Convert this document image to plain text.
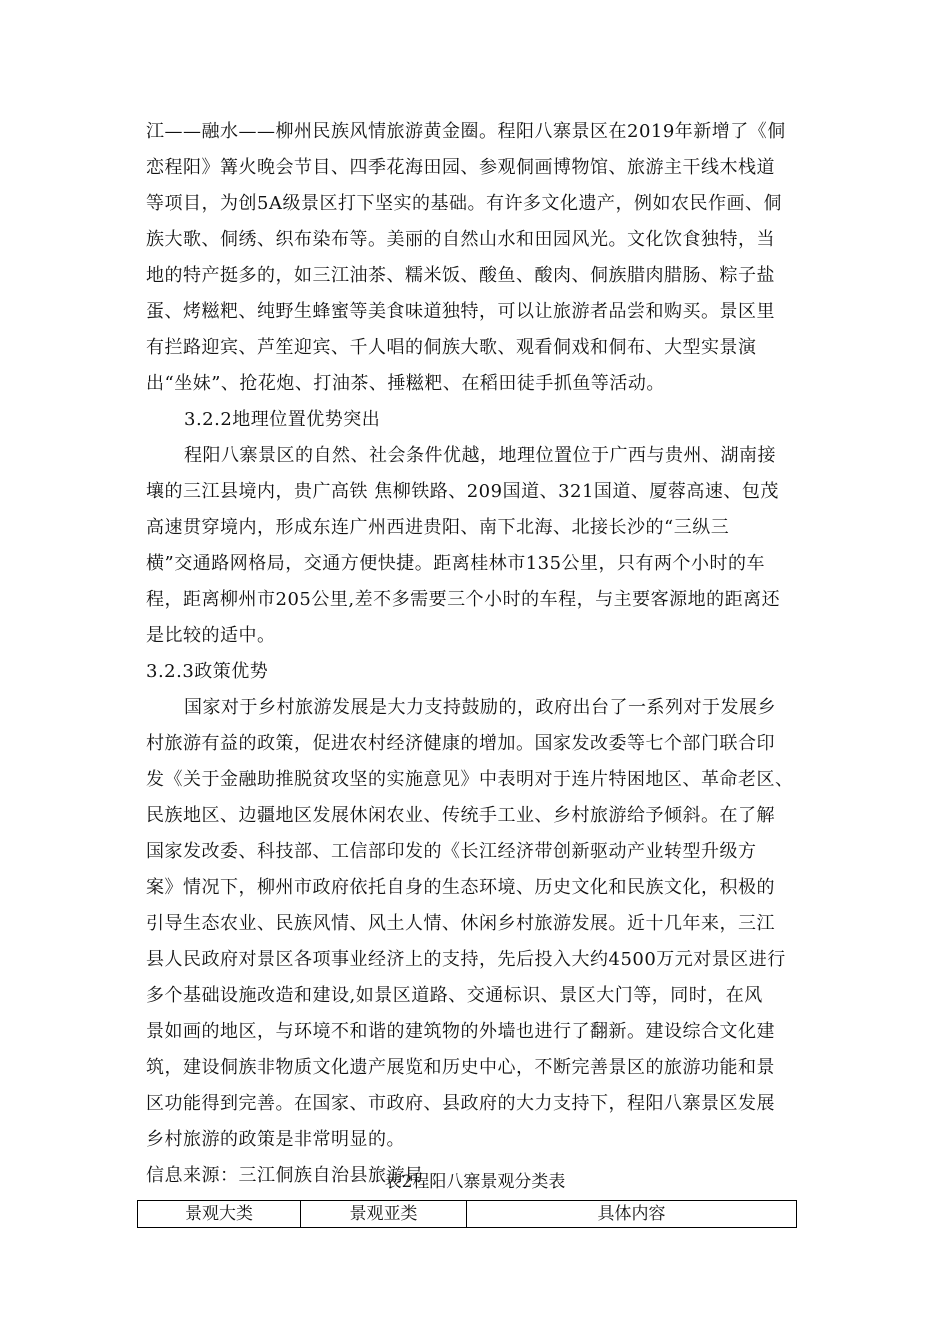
江——融水——柳州民族风情旅游黄金圈。程阳八寨景区在2019年新增了《侗
恋程阳》篝火晚会节目、四季花海田园、参观侗画博物馆、旅游主干线木栈道
等项目，为创5A级景区打下坚实的基础。有许多文化遗产，例如农民作画、侗
族大歌、侗绣、织布染布等。美丽的自然山水和田园风光。文化饮食独特，当
地的特产挺多的，如三江油茶、糯米饭、酸鱼、酸肉、侗族腊肉腊肠、粽子盐
蛋、烤糍粑、纯野生蜂蜜等美食味道独特，可以让旅游者品尝和购买。景区里
有拦路迎宾、芦笙迎宾、千人唱的侗族大歌、观看侗戏和侗布、大型实景演
出“坐妹”、抢花炮、打油茶、捶糍粑、在稻田徒手抓鱼等活动。
3.2.2地理位置优势突出
程阳八寨景区的自然、社会条件优越，地理位置位于广西与贵州、湖南接
壤的三江县境内，贵广高铁 焦柳铁路、209国道、321国道、厦蓉高速、包茂
高速贯穿境内，形成东连广州西进贵阳、南下北海、北接长沙的“三纵三
横”交通路网格局，交通方便快捷。距离桂林市135公里，只有两个小时的车
程，距离柳州市205公里,差不多需要三个小时的车程，与主要客源地的距离还
是比较的适中。
3.2.3政策优势
国家对于乡村旅游发展是大力支持鼓励的，政府出台了一系列对于发展乡
村旅游有益的政策，促进农村经济健康的增加。国家发改委等七个部门联合印
发《关于金融助推脱贫攻坚的实施意见》中表明对于连片特困地区、革命老区、
民族地区、边疆地区发展休闲农业、传统手工业、乡村旅游给予倾斜。在了解
国家发改委、科技部、工信部印发的《长江经济带创新驱动产业转型升级方
案》情况下，柳州市政府依托自身的生态环境、历史文化和民族文化，积极的
引导生态农业、民族风情、风土人情、休闲乡村旅游发展。近十几年来，三江
县人民政府对景区各项事业经济上的支持，先后投入大约4500万元对景区进行
多个基础设施改造和建设,如景区道路、交通标识、景区大门等，同时，在风
景如画的地区，与环境不和谐的建筑物的外墙也进行了翻新。建设综合文化建
筑，建设侗族非物质文化遗产展览和历史中心，不断完善景区的旅游功能和景
区功能得到完善。在国家、市政府、县政府的大力支持下，程阳八寨景区发展
乡村旅游的政策是非常明显的。
信息来源：三江侗族自治县旅游局
表2程阳八寨景观分类表
景观大类	景观亚类	具体内容
